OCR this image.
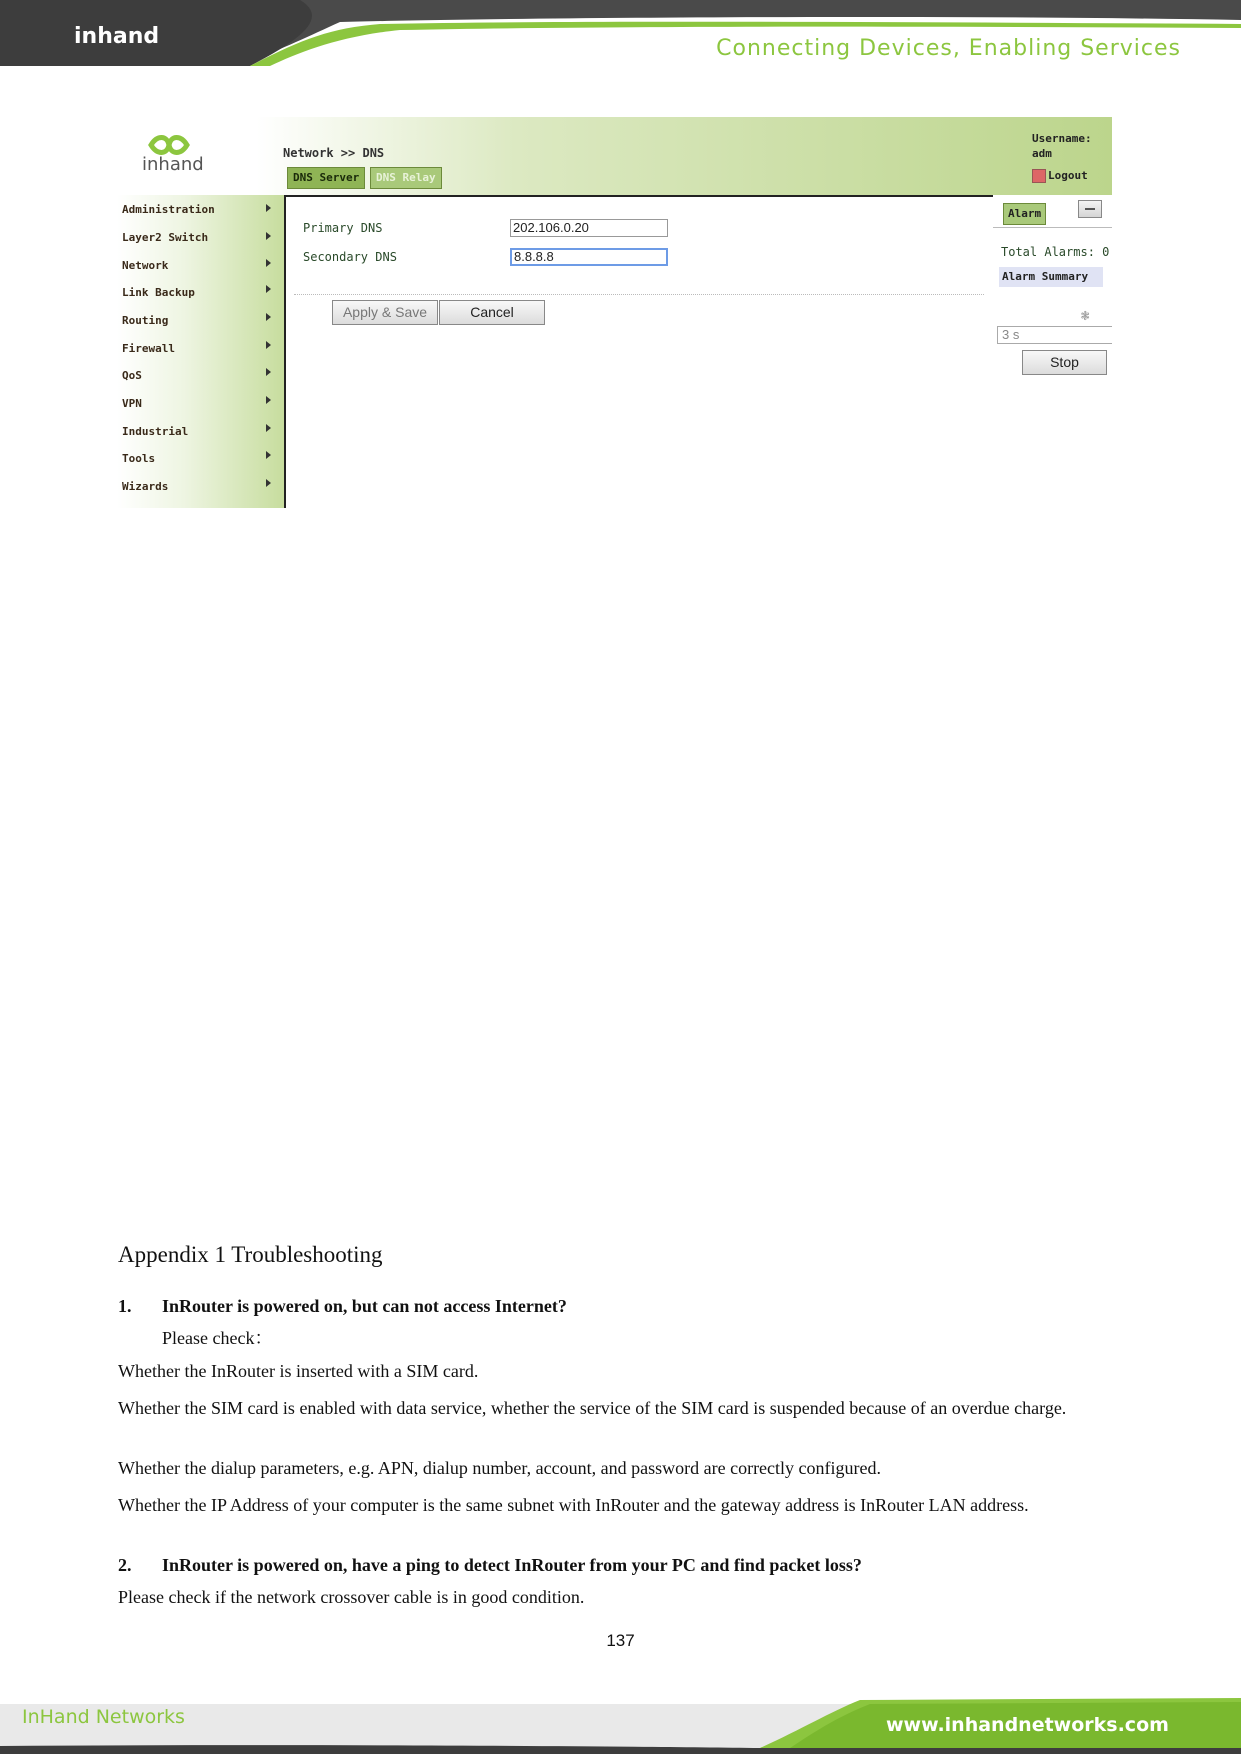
inhand	Connecting Devices, Enabling Services
inhand
Network >> DNS
DNS Server	DNS Relay
Username:
adm
Logout
Administration
Layer2 Switch
Network
Link Backup
Routing
Firewall
QoS
VPN
Industrial
Tools
Wizards
Primary DNS	202.106.0.20
Secondary DNS	8.8.8.8
Apply & Save	Cancel
Alarm
Total Alarms: 0
Alarm Summary
❃
3 s
Stop
Appendix 1 Troubleshooting
1. InRouter is powered on, but can not access Internet?
Please check：
Whether the InRouter is inserted with a SIM card.
Whether the SIM card is enabled with data service, whether the service of the SIM card is suspended because of an overdue charge.
Whether the dialup parameters, e.g. APN, dialup number, account, and password are correctly configured.
Whether the IP Address of your computer is the same subnet with InRouter and the gateway address is InRouter LAN address.
2. InRouter is powered on, have a ping to detect InRouter from your PC and find packet loss?
Please check if the network crossover cable is in good condition.
137
InHand Networks	www.inhandnetworks.com
